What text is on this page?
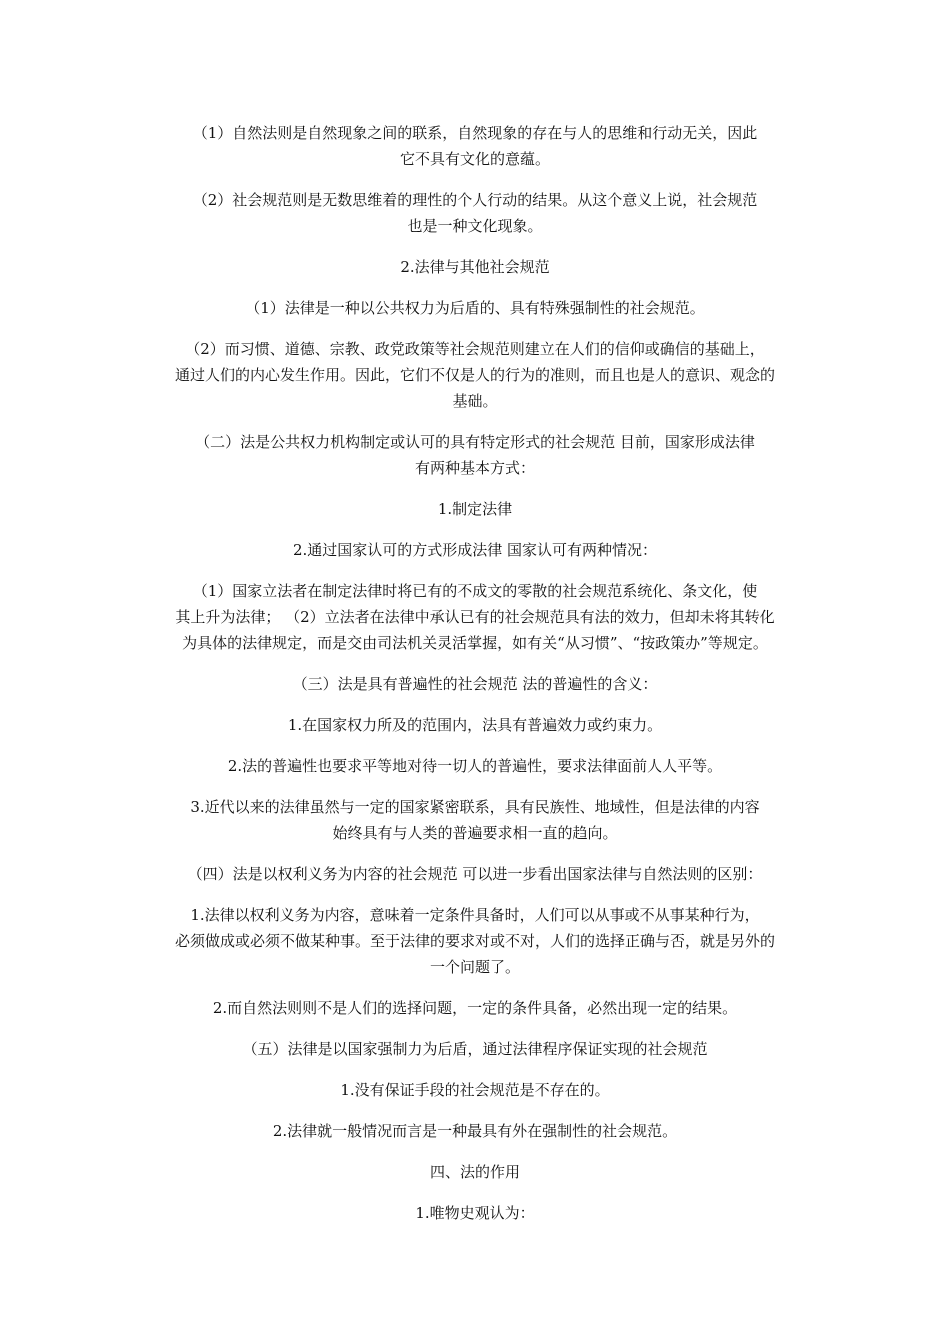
（1）自然法则是自然现象之间的联系，自然现象的存在与人的思维和行动无关，因此
它不具有文化的意蕴。

（2）社会规范则是无数思维着的理性的个人行动的结果。从这个意义上说，社会规范
也是一种文化现象。

2.法律与其他社会规范

（1）法律是一种以公共权力为后盾的、具有特殊强制性的社会规范。

（2）而习惯、道德、宗教、政党政策等社会规范则建立在人们的信仰或确信的基础上，
通过人们的内心发生作用。因此，它们不仅是人的行为的准则，而且也是人的意识、观念的
基础。

（二）法是公共权力机构制定或认可的具有特定形式的社会规范 目前，国家形成法律
有两种基本方式：

1.制定法律

2.通过国家认可的方式形成法律 国家认可有两种情况：

（1）国家立法者在制定法律时将已有的不成文的零散的社会规范系统化、条文化，使
其上升为法律； （2）立法者在法律中承认已有的社会规范具有法的效力，但却未将其转化
为具体的法律规定，而是交由司法机关灵活掌握，如有关“从习惯”、“按政策办”等规定。

（三）法是具有普遍性的社会规范 法的普遍性的含义：

1.在国家权力所及的范围内，法具有普遍效力或约束力。

2.法的普遍性也要求平等地对待一切人的普遍性，要求法律面前人人平等。

3.近代以来的法律虽然与一定的国家紧密联系，具有民族性、地域性，但是法律的内容
始终具有与人类的普遍要求相一直的趋向。

（四）法是以权利义务为内容的社会规范 可以进一步看出国家法律与自然法则的区别：

1.法律以权利义务为内容，意味着一定条件具备时，人们可以从事或不从事某种行为，
必须做成或必须不做某种事。至于法律的要求对或不对，人们的选择正确与否，就是另外的
一个问题了。

2.而自然法则则不是人们的选择问题，一定的条件具备，必然出现一定的结果。

（五）法律是以国家强制力为后盾，通过法律程序保证实现的社会规范

1.没有保证手段的社会规范是不存在的。

2.法律就一般情况而言是一种最具有外在强制性的社会规范。

四、法的作用

1.唯物史观认为：
